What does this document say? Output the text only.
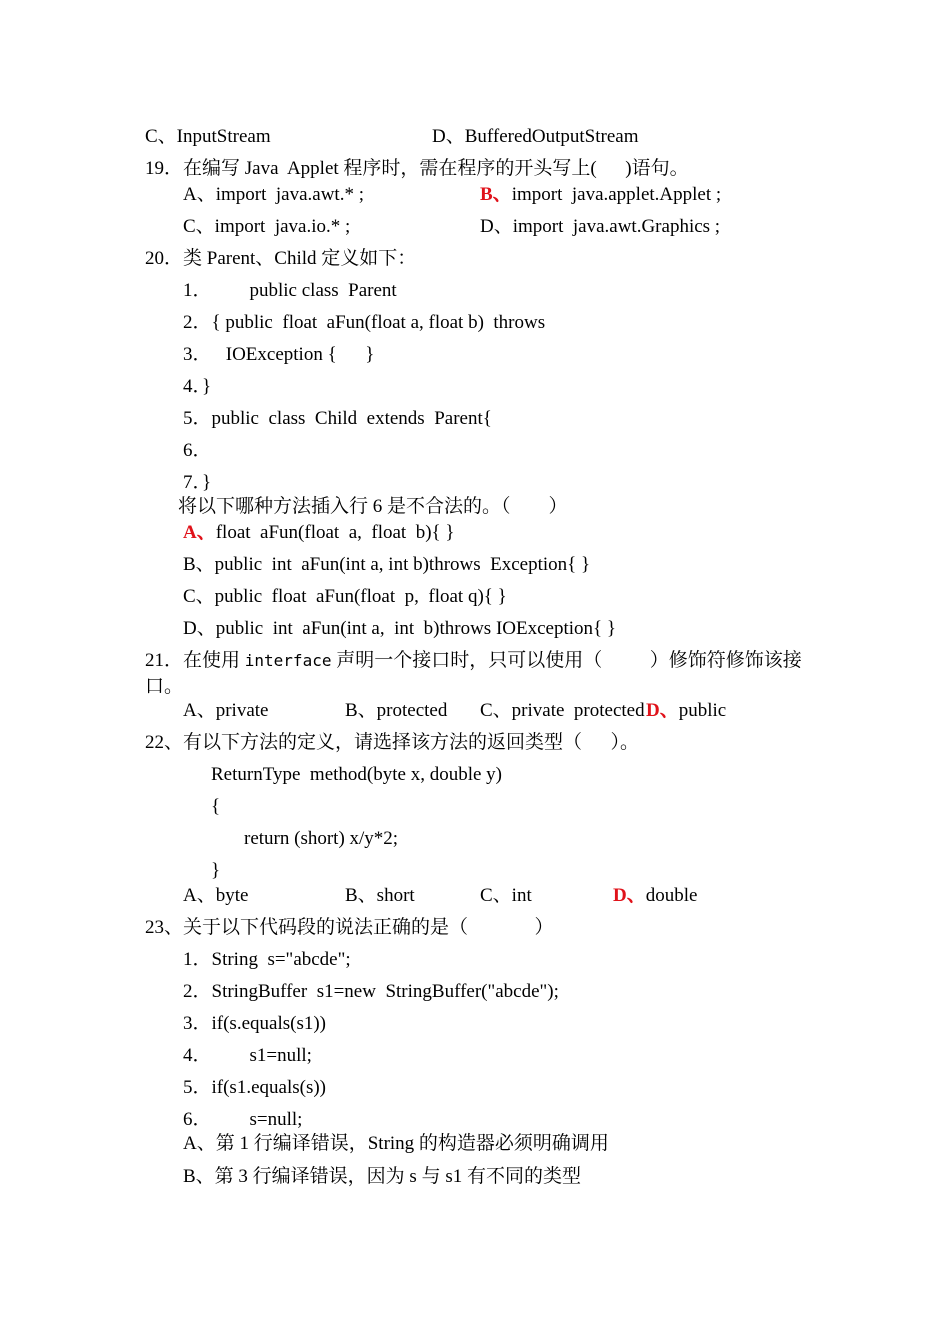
C、InputStream	D、BufferedOutputStream
19．在编写 Java  Applet 程序时，需在程序的开头写上(      )语句。
A、import  java.awt.* ;	B、import  java.applet.Applet ;
C、import  java.io.* ;	D、import  java.awt.Graphics ;
20．类 Parent、Child 定义如下：
1．        public class  Parent
2．{ public  float  aFun(float a, float b)  throws
3．   IOException {      }
4．}
5．public  class  Child  extends  Parent{
6．
7．}
将以下哪种方法插入行 6 是不合法的。（        ）
A、float  aFun(float  a,  float  b){ }
B、public  int  aFun(int a, int b)throws  Exception{ }
C、public  float  aFun(float  p,  float q){ }
D、public  int  aFun(int a,  int  b)throws IOException{ }
21．在使用 interface 声明一个接口时，只可以使用（          ）修饰符修饰该接
口。
A、private	B、protected C、private  protected D、public
22、有以下方法的定义，请选择该方法的返回类型（      ）。
ReturnType  method(byte x, double y)
{
return (short) x/y*2;
}
A、byte	B、short	C、int	D、double
23、关于以下代码段的说法正确的是（              ）
1．String  s="abcde";
2．StringBuffer  s1=new  StringBuffer("abcde");
3．if(s.equals(s1))
4．        s1=null;
5．if(s1.equals(s))
6．        s=null;
A、第 1 行编译错误，String 的构造器必须明确调用
B、第 3 行编译错误，因为 s 与 s1 有不同的类型
